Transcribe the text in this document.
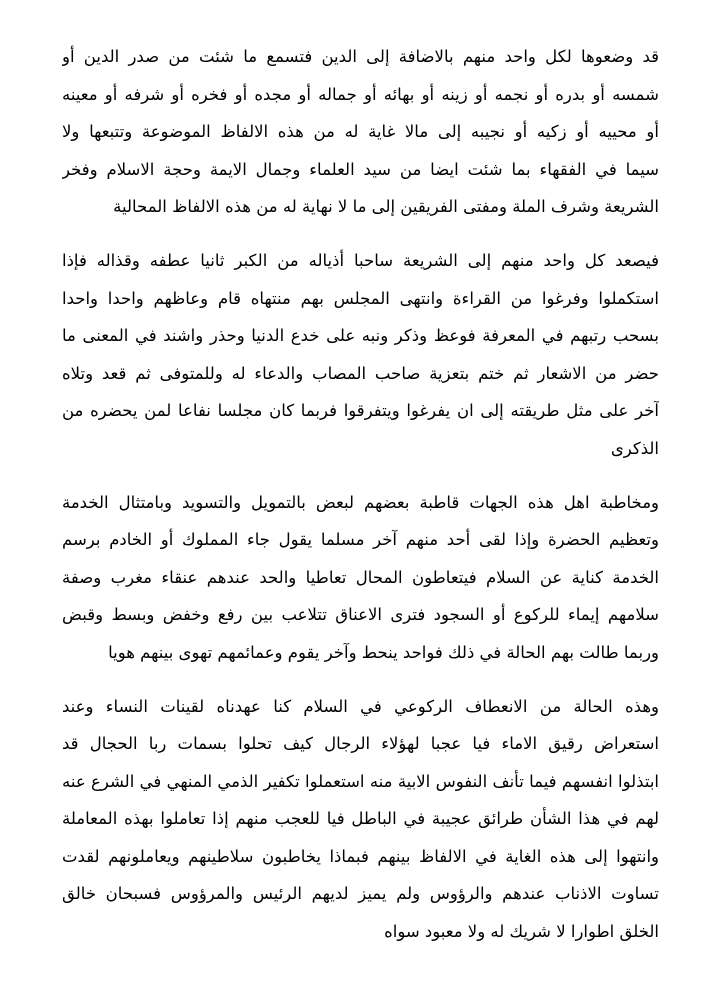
قد وضعوها لكل واحد منهم بالاضافة إلى الدين فتسمع ما شئت من صدر الدين أو
شمسه أو بدره أو نجمه أو زينه أو بهائه أو جماله أو مجده أو فخره أو شرفه أو معينه
أو محييه أو زكيه أو نجيبه إلى مالا غاية له من هذه الالفاظ الموضوعة وتتبعها ولا
سيما في الفقهاء بما شئت ايضا من سيد العلماء وجمال الايمة وحجة الاسلام وفخر
الشريعة وشرف الملة ومفتى الفريقين إلى ما لا نهاية له من هذه الالفاظ المحالية
فيصعد كل واحد منهم إلى الشريعة ساحبا أذياله من الكبر ثانيا عطفه وقذاله فإذا
استكملوا وفرغوا من القراءة وانتهى المجلس بهم منتهاه قام وعاظهم واحدا واحدا
بسحب رتبهم في المعرفة فوعظ وذكر ونبه على خدع الدنيا وحذر واشند في المعنى ما
حضر من الاشعار ثم ختم بتعزية صاحب المصاب والدعاء له وللمتوفى ثم قعد وتلاه
آخر على مثل طريقته إلى ان يفرغوا ويتفرقوا فربما كان مجلسا نفاعا لمن يحضره من
الذكرى
ومخاطبة اهل هذه الجهات قاطبة بعضهم لبعض بالتمويل والتسويد وبامتثال الخدمة
وتعظيم الحضرة وإذا لقى أحد منهم آخر مسلما يقول جاء المملوك أو الخادم برسم
الخدمة كناية عن السلام فيتعاطون المحال تعاطيا والحد عندهم عنقاء مغرب وصفة
سلامهم إيماء للركوع أو السجود فترى الاعناق تتلاعب بين رفع وخفض وبسط وقبض
وربما طالت بهم الحالة في ذلك فواحد ينحط وآخر يقوم وعمائمهم تهوى بينهم هويا
وهذه الحالة من الانعطاف الركوعي في السلام كنا عهدناه لقينات النساء وعند
استعراض رقيق الاماء فيا عجبا لهؤلاء الرجال كيف تحلوا بسمات ربا الحجال قد
ابتذلوا انفسهم فيما تأنف النفوس الابية منه استعملوا تكفير الذمي المنهي في الشرع عنه
لهم في هذا الشأن طرائق عجيبة في الباطل فيا للعجب منهم إذا تعاملوا بهذه المعاملة
وانتهوا إلى هذه الغاية في الالفاظ بينهم فبماذا يخاطبون سلاطينهم ويعاملونهم لقدت
تساوت الاذناب عندهم والرؤوس ولم يميز لديهم الرئيس والمرؤوس فسبحان خالق
الخلق اطوارا لا شريك له ولا معبود سواه
